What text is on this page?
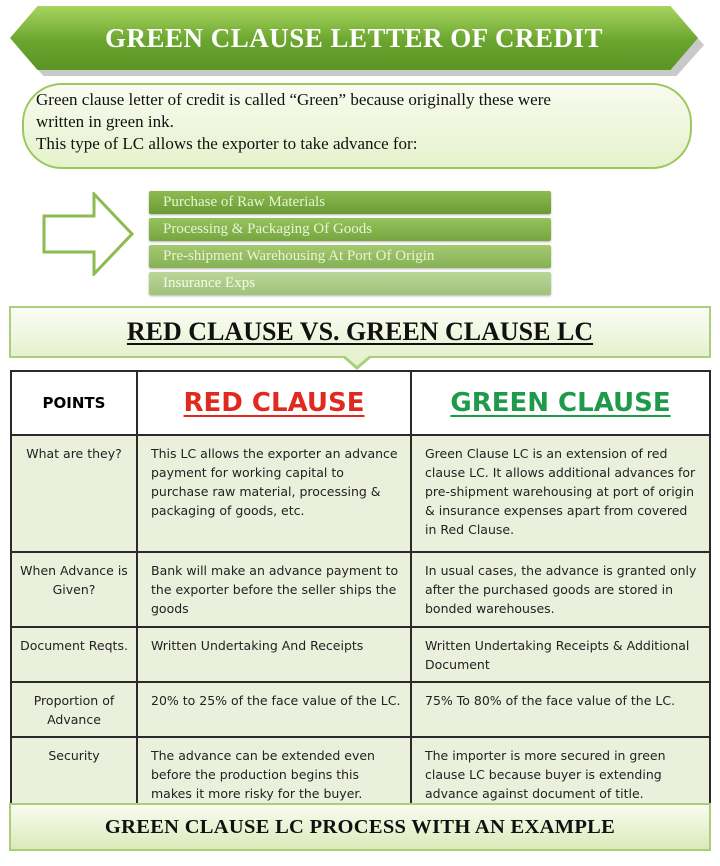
GREEN CLAUSE LETTER OF CREDIT

Green clause letter of credit is called “Green” because originally these were

written in green ink.

This type of LC allows the exporter to take advance for:

Purchase of Raw Materials
Processing & Packaging Of Goods
Pre-shipment Warehousing At Port Of Origin
Insurance Exps
RED CLAUSE VS. GREEN CLAUSE LC
POINTS	RED CLAUSE	GREEN CLAUSE
What are they?	This LC allows the exporter an advance payment for working capital to purchase raw material, processing & packaging of goods, etc.	Green Clause LC is an extension of red clause LC. It allows additional advances for pre-shipment warehousing at port of origin & insurance expenses apart from covered in Red Clause.
When Advance is Given?	Bank will make an advance payment to the exporter before the seller ships the goods	In usual cases, the advance is granted only after the purchased goods are stored in bonded warehouses.
Document Reqts.	Written Undertaking And Receipts	Written Undertaking Receipts & Additional Document
Proportion of Advance	20% to 25% of the face value of the LC.	75% To 80% of the face value of the LC.
Security	The advance can be extended even before the production begins this makes it more risky for the buyer.	The importer is more secured in green clause LC because buyer is extending advance against document of title.
GREEN CLAUSE LC PROCESS WITH AN EXAMPLE
